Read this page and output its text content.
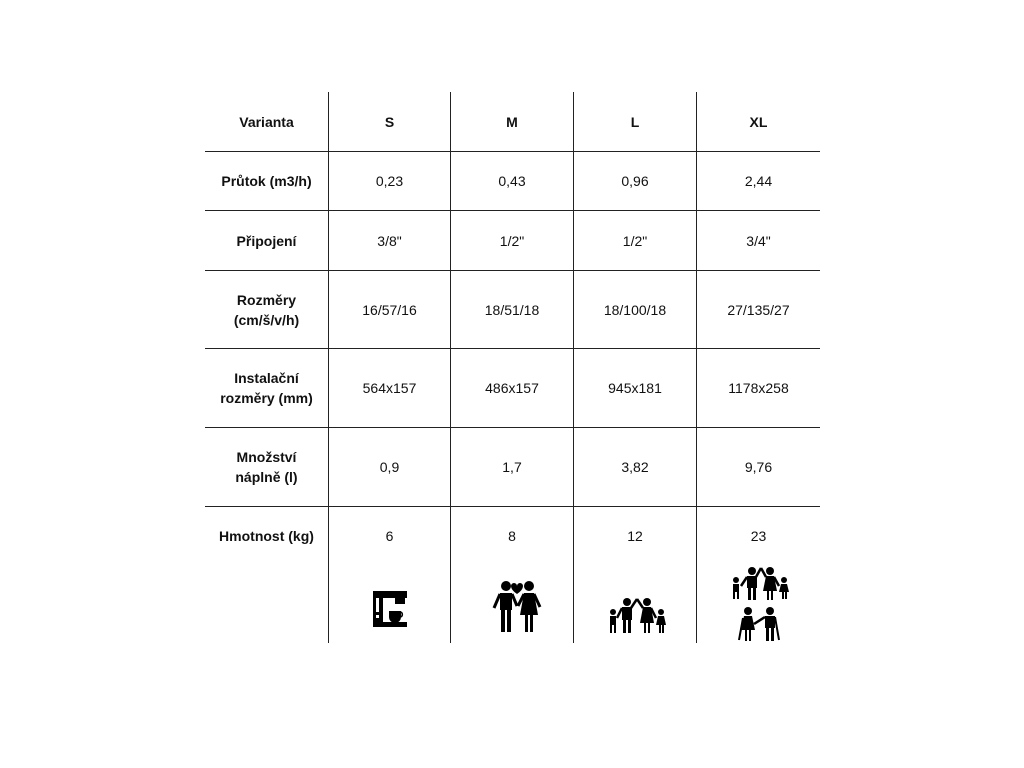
Varianta	S	M	L	XL
Průtok (m3/h)	0,23	0,43	0,96	2,44
Připojení	3/8"	1/2"	1/2"	3/4"
Rozměry
(cm/š/v/h)
16/57/16	18/51/18	18/100/18	27/135/27
Instalační
rozměry (mm)
564x157	486x157	945x181	1178x258
Množství
náplně (l)
0,9	1,7	3,82	9,76
Hmotnost (kg)	6	8	12	23
